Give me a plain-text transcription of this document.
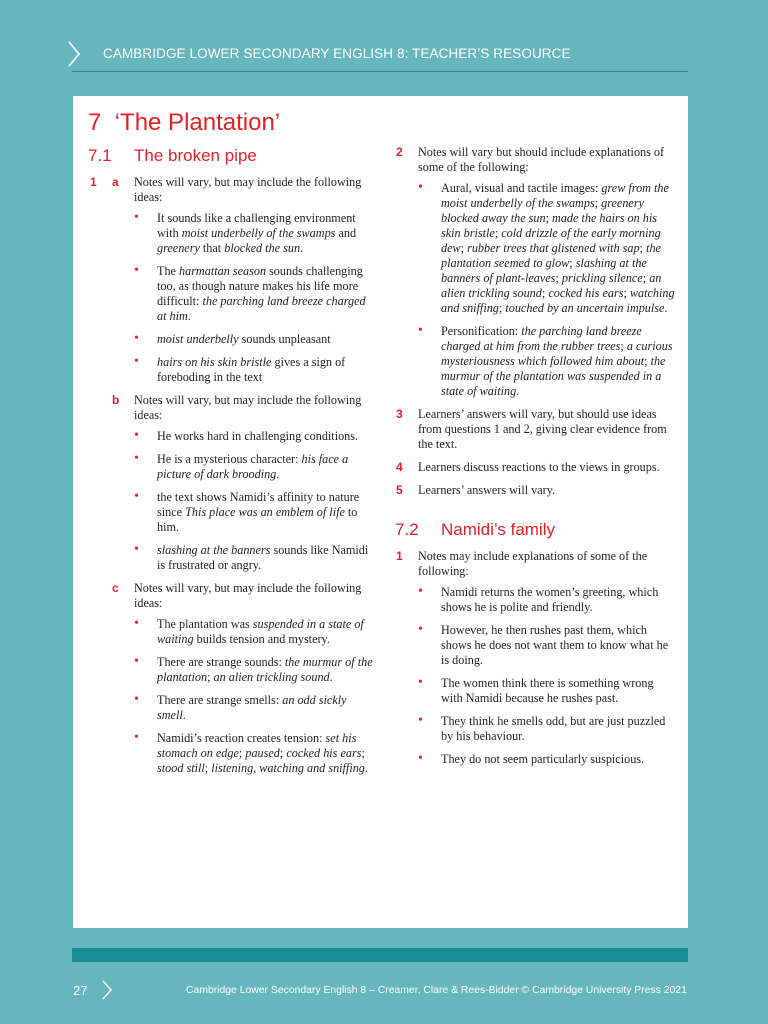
CAMBRIDGE LOWER SECONDARY ENGLISH 8: TEACHER’S RESOURCE
7 ‘The Plantation’
7.1 The broken pipe
1 a Notes will vary, but may include the following ideas:
• It sounds like a challenging environment with moist underbelly of the swamps and greenery that blocked the sun.
• The harmattan season sounds challenging too, as though nature makes his life more difficult: the parching land breeze charged at him.
• moist underbelly sounds unpleasant
• hairs on his skin bristle gives a sign of foreboding in the text
b Notes will vary, but may include the following ideas:
• He works hard in challenging conditions.
• He is a mysterious character: his face a picture of dark brooding.
• the text shows Namidi’s affinity to nature since This place was an emblem of life to him.
• slashing at the banners sounds like Namidi is frustrated or angry.
c Notes will vary, but may include the following ideas:
• The plantation was suspended in a state of waiting builds tension and mystery.
• There are strange sounds: the murmur of the plantation; an alien trickling sound.
• There are strange smells: an odd sickly smell.
• Namidi’s reaction creates tension: set his stomach on edge; paused; cocked his ears; stood still; listening, watching and sniffing.
2 Notes will vary but should include explanations of some of the following:
• Aural, visual and tactile images: grew from the moist underbelly of the swamps; greenery blocked away the sun; made the hairs on his skin bristle; cold drizzle of the early morning dew; rubber trees that glistened with sap; the plantation seemed to glow; slashing at the banners of plant-leaves; prickling silence; an alien trickling sound; cocked his ears; watching and sniffing; touched by an uncertain impulse.
• Personification: the parching land breeze charged at him from the rubber trees; a curious mysteriousness which followed him about; the murmur of the plantation was suspended in a state of waiting.
3 Learners’ answers will vary, but should use ideas from questions 1 and 2, giving clear evidence from the text.
4 Learners discuss reactions to the views in groups.
5 Learners’ answers will vary.
7.2 Namidi’s family
1 Notes may include explanations of some of the following:
• Namidi returns the women’s greeting, which shows he is polite and friendly.
• However, he then rushes past them, which shows he does not want them to know what he is doing.
• The women think there is something wrong with Namidi because he rushes past.
• They think he smells odd, but are just puzzled by his behaviour.
• They do not seem particularly suspicious.
27	Cambridge Lower Secondary English 8 – Creamer, Clare & Rees-Bidder © Cambridge University Press 2021
